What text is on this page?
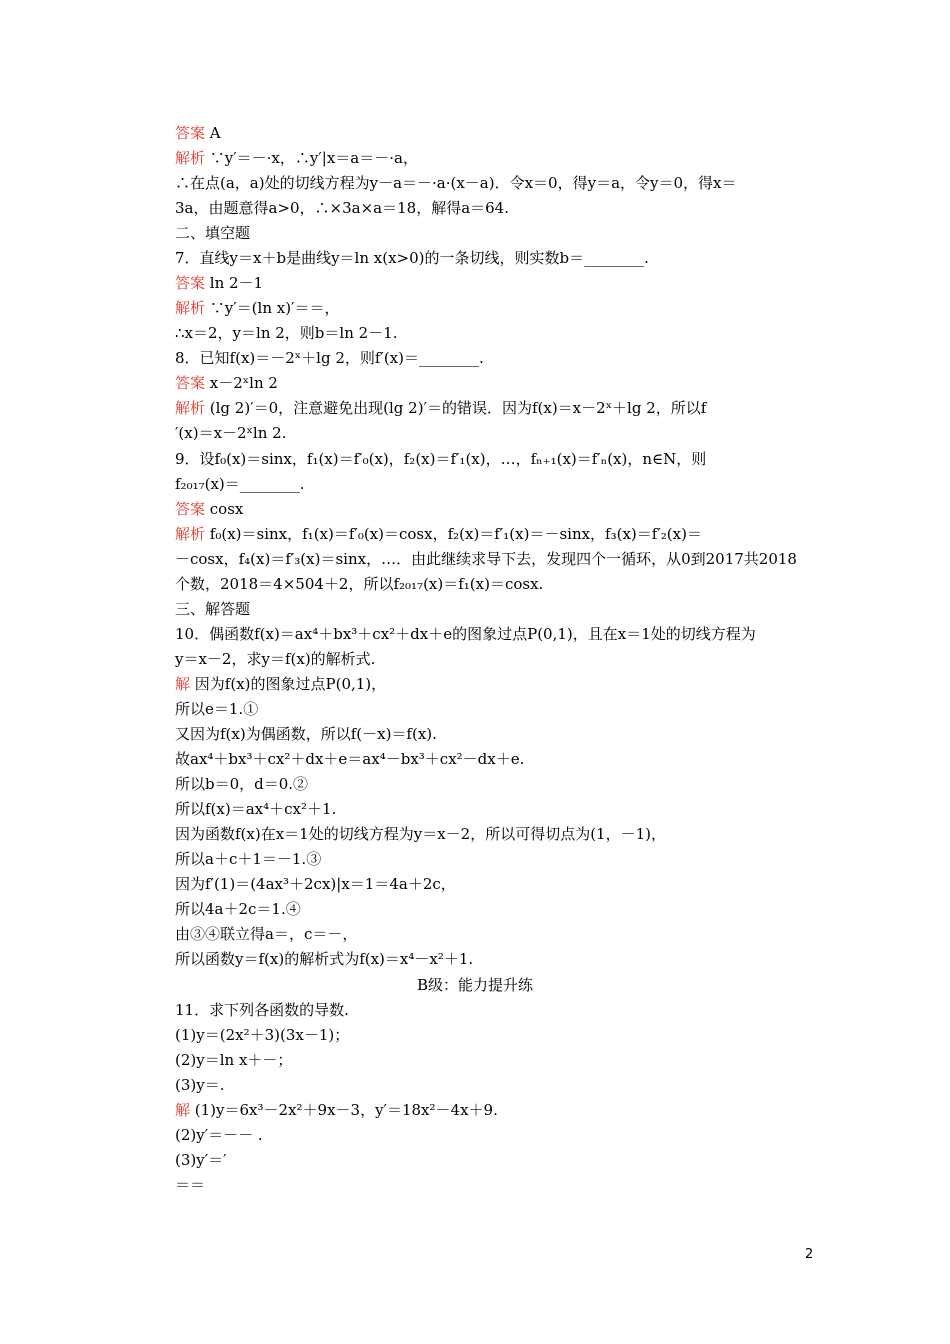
答案 A
解析 ∵y′＝－·x，∴y′|x＝a＝－·a，
∴在点(a，a)处的切线方程为y－a＝－·a·(x－a)．令x＝0，得y＝a，令y＝0，得x＝
3a，由题意得a>0，∴×3a×a＝18，解得a＝64.
二、填空题
7．直线y＝x＋b是曲线y＝ln x(x>0)的一条切线，则实数b＝________.
答案 ln 2－1
解析 ∵y′＝(ln x)′＝＝，
∴x＝2，y＝ln 2，则b＝ln 2－1.
8．已知f(x)＝－2ˣ＋lg 2，则f′(x)＝________.
答案 x－2ˣln 2
解析 (lg 2)′＝0，注意避免出现(lg 2)′＝的错误．因为f(x)＝x－2ˣ＋lg 2，所以f
′(x)＝x－2ˣln 2.
9．设f₀(x)＝sinx，f₁(x)＝f′₀(x)，f₂(x)＝f′₁(x)，…，fₙ₊₁(x)＝f′ₙ(x)，n∈N，则
f₂₀₁₇(x)＝________.
答案 cosx
解析 f₀(x)＝sinx，f₁(x)＝f′₀(x)＝cosx，f₂(x)＝f′₁(x)＝－sinx，f₃(x)＝f′₂(x)＝
－cosx，f₄(x)＝f′₃(x)＝sinx，…．由此继续求导下去，发现四个一循环，从0到2017共2018
个数，2018＝4×504＋2，所以f₂₀₁₇(x)＝f₁(x)＝cosx.
三、解答题
10．偶函数f(x)＝ax⁴＋bx³＋cx²＋dx＋e的图象过点P(0,1)，且在x＝1处的切线方程为
y＝x－2，求y＝f(x)的解析式.
解 因为f(x)的图象过点P(0,1)，
所以e＝1.①
又因为f(x)为偶函数，所以f(－x)＝f(x).
故ax⁴＋bx³＋cx²＋dx＋e＝ax⁴－bx³＋cx²－dx＋e.
所以b＝0，d＝0.②
所以f(x)＝ax⁴＋cx²＋1.
因为函数f(x)在x＝1处的切线方程为y＝x－2，所以可得切点为(1，－1)，
所以a＋c＋1＝－1.③
因为f′(1)＝(4ax³＋2cx)|x＝1＝4a＋2c，
所以4a＋2c＝1.④
由③④联立得a＝，c＝－，
所以函数y＝f(x)的解析式为f(x)＝x⁴－x²＋1.
B级：能力提升练
11．求下列各函数的导数.
(1)y＝(2x²＋3)(3x－1)；
(2)y＝ln x＋－；
(3)y＝.
解 (1)y＝6x³－2x²＋9x－3，y′＝18x²－4x＋9.
(2)y′＝－－ .
(3)y′＝′
＝＝
2
